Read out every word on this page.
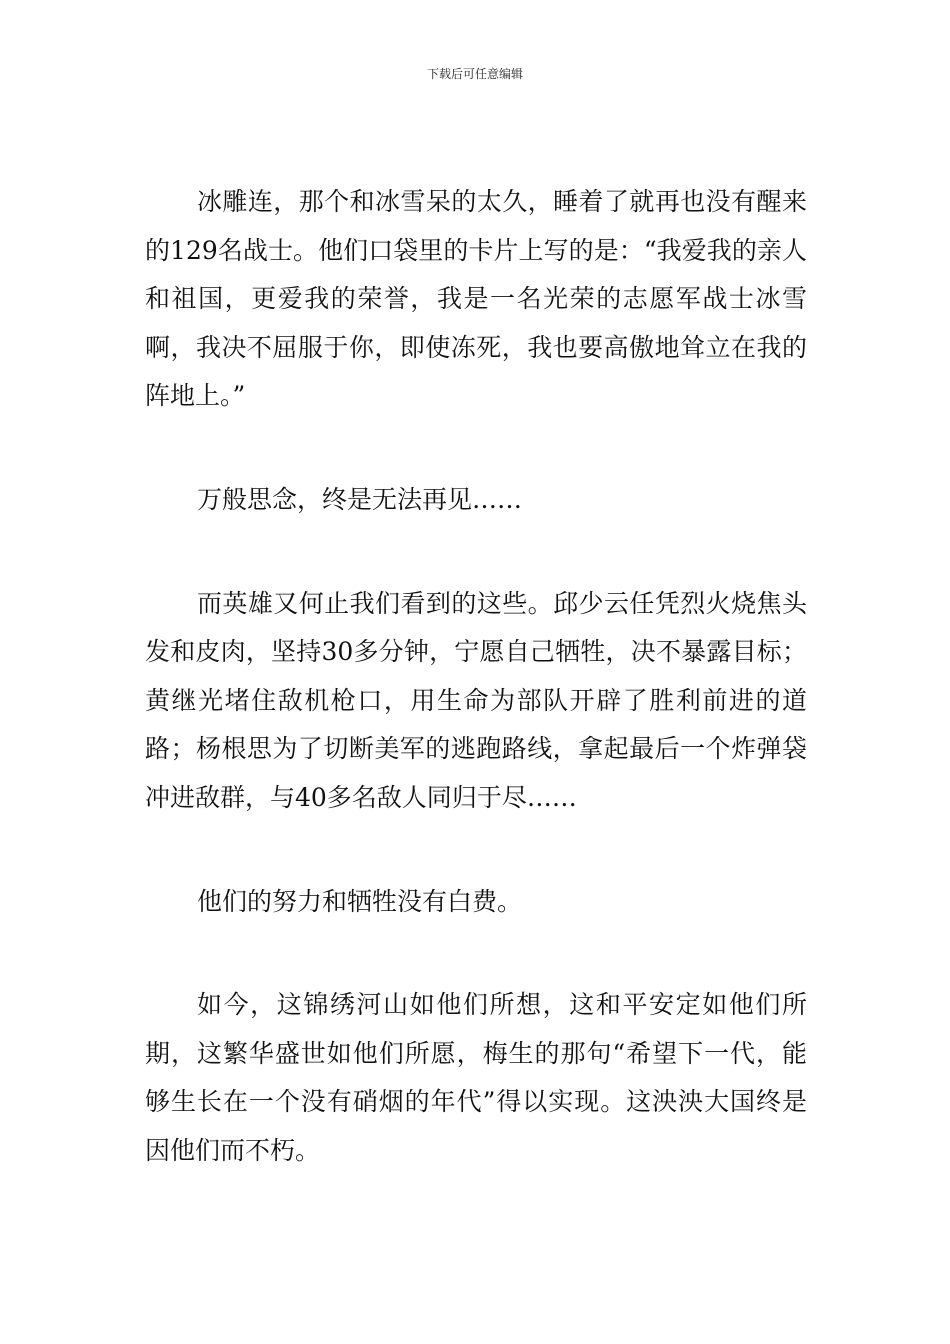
下载后可任意编辑

冰雕连，那个和冰雪呆的太久，睡着了就再也没有醒来的129名战士。他们口袋里的卡片上写的是：“我爱我的亲人和祖国，更爱我的荣誉，我是一名光荣的志愿军战士冰雪啊，我决不屈服于你，即使冻死，我也要高傲地耸立在我的阵地上。”

万般思念，终是无法再见……

而英雄又何止我们看到的这些。邱少云任凭烈火烧焦头发和皮肉，坚持30多分钟，宁愿自己牺牲，决不暴露目标；黄继光堵住敌机枪口，用生命为部队开辟了胜利前进的道路；杨根思为了切断美军的逃跑路线，拿起最后一个炸弹袋冲进敌群，与40多名敌人同归于尽……

他们的努力和牺牲没有白费。

如今，这锦绣河山如他们所想，这和平安定如他们所期，这繁华盛世如他们所愿，梅生的那句“希望下一代，能够生长在一个没有硝烟的年代”得以实现。这泱泱大国终是因他们而不朽。
